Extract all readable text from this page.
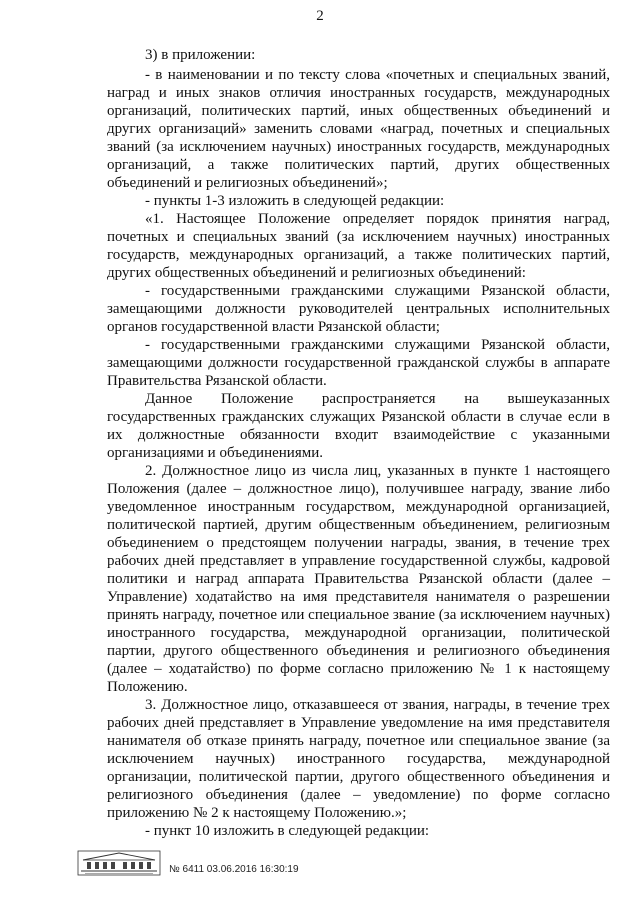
2

3) в приложении:

- в наименовании и по тексту слова «почетных и специальных званий, наград и иных знаков отличия иностранных государств, международных организаций, политических партий, иных общественных объединений и других организаций» заменить словами «наград, почетных и специальных званий (за исключением научных) иностранных государств, международных организаций, а также политических партий, других общественных объединений и религиозных объединений»;

- пункты 1-3 изложить в следующей редакции:

«1. Настоящее Положение определяет порядок принятия наград, почетных и специальных званий (за исключением научных) иностранных государств, международных организаций, а также политических партий, других общественных объединений и религиозных объединений:

- государственными гражданскими служащими Рязанской области, замещающими должности руководителей центральных исполнительных органов государственной власти Рязанской области;

- государственными гражданскими служащими Рязанской области, замещающими должности государственной гражданской службы в аппарате Правительства Рязанской области.

Данное Положение распространяется на вышеуказанных государственных гражданских служащих Рязанской области в случае если в их должностные обязанности входит взаимодействие с указанными организациями и объединениями.

2. Должностное лицо из числа лиц, указанных в пункте 1 настоящего Положения (далее – должностное лицо), получившее награду, звание либо уведомленное иностранным государством, международной организацией, политической партией, другим общественным объединением, религиозным объединением о предстоящем получении награды, звания, в течение трех рабочих дней представляет в управление государственной службы, кадровой политики и наград аппарата Правительства Рязанской области (далее – Управление) ходатайство на имя представителя нанимателя о разрешении принять награду, почетное или специальное звание (за исключением научных) иностранного государства, международной организации, политической партии, другого общественного объединения и религиозного объединения (далее – ходатайство) по форме согласно приложению № 1 к настоящему Положению.

3. Должностное лицо, отказавшееся от звания, награды, в течение трех рабочих дней представляет в Управление уведомление на имя представителя нанимателя об отказе принять награду, почетное или специальное звание (за исключением научных) иностранного государства, международной организации, политической партии, другого общественного объединения и религиозного объединения (далее – уведомление) по форме согласно приложению № 2 к настоящему Положению.»;

- пункт 10 изложить в следующей редакции:

№ 6411 03.06.2016 16:30:19
